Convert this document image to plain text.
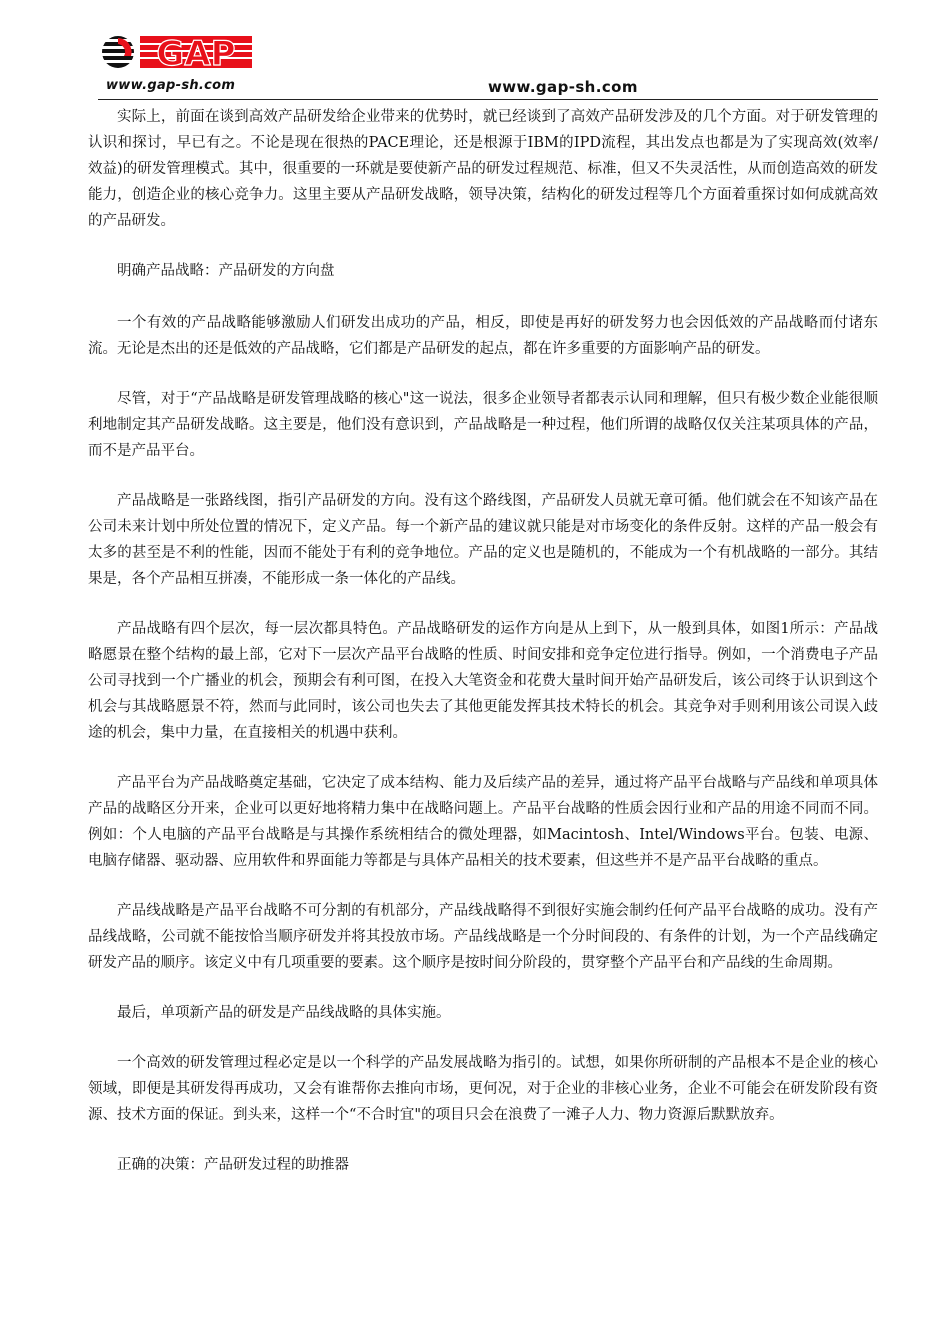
GAP
www.gap-sh.com	www.gap-sh.com

实际上，前面在谈到高效产品研发给企业带来的优势时，就已经谈到了高效产品研发涉及的几个方面。对于研发管理的认识和探讨，早已有之。不论是现在很热的PACE理论，还是根源于IBM的IPD流程，其出发点也都是为了实现高效(效率/效益)的研发管理模式。其中，很重要的一环就是要使新产品的研发过程规范、标准，但又不失灵活性，从而创造高效的研发能力，创造企业的核心竞争力。这里主要从产品研发战略，领导决策，结构化的研发过程等几个方面着重探讨如何成就高效的产品研发。

明确产品战略：产品研发的方向盘

一个有效的产品战略能够激励人们研发出成功的产品，相反，即使是再好的研发努力也会因低效的产品战略而付诸东流。无论是杰出的还是低效的产品战略，它们都是产品研发的起点，都在许多重要的方面影响产品的研发。

尽管，对于“产品战略是研发管理战略的核心"这一说法，很多企业领导者都表示认同和理解，但只有极少数企业能很顺利地制定其产品研发战略。这主要是，他们没有意识到，产品战略是一种过程，他们所谓的战略仅仅关注某项具体的产品，而不是产品平台。

产品战略是一张路线图，指引产品研发的方向。没有这个路线图，产品研发人员就无章可循。他们就会在不知该产品在公司未来计划中所处位置的情况下，定义产品。每一个新产品的建议就只能是对市场变化的条件反射。这样的产品一般会有太多的甚至是不利的性能，因而不能处于有利的竞争地位。产品的定义也是随机的，不能成为一个有机战略的一部分。其结果是，各个产品相互拼凑，不能形成一条一体化的产品线。

产品战略有四个层次，每一层次都具特色。产品战略研发的运作方向是从上到下，从一般到具体，如图1所示：产品战略愿景在整个结构的最上部，它对下一层次产品平台战略的性质、时间安排和竞争定位进行指导。例如，一个消费电子产品公司寻找到一个广播业的机会，预期会有利可图，在投入大笔资金和花费大量时间开始产品研发后，该公司终于认识到这个机会与其战略愿景不符，然而与此同时，该公司也失去了其他更能发挥其技术特长的机会。其竞争对手则利用该公司误入歧途的机会，集中力量，在直接相关的机遇中获利。

产品平台为产品战略奠定基础，它决定了成本结构、能力及后续产品的差异，通过将产品平台战略与产品线和单项具体产品的战略区分开来，企业可以更好地将精力集中在战略问题上。产品平台战略的性质会因行业和产品的用途不同而不同。例如：个人电脑的产品平台战略是与其操作系统相结合的微处理器，如Macintosh、Intel/Windows平台。包装、电源、电脑存储器、驱动器、应用软件和界面能力等都是与具体产品相关的技术要素，但这些并不是产品平台战略的重点。

产品线战略是产品平台战略不可分割的有机部分，产品线战略得不到很好实施会制约任何产品平台战略的成功。没有产品线战略，公司就不能按恰当顺序研发并将其投放市场。产品线战略是一个分时间段的、有条件的计划，为一个产品线确定研发产品的顺序。该定义中有几项重要的要素。这个顺序是按时间分阶段的，贯穿整个产品平台和产品线的生命周期。

最后，单项新产品的研发是产品线战略的具体实施。

一个高效的研发管理过程必定是以一个科学的产品发展战略为指引的。试想，如果你所研制的产品根本不是企业的核心领域，即便是其研发得再成功，又会有谁帮你去推向市场，更何况，对于企业的非核心业务，企业不可能会在研发阶段有资源、技术方面的保证。到头来，这样一个“不合时宜"的项目只会在浪费了一滩子人力、物力资源后默默放弃。

正确的决策：产品研发过程的助推器
